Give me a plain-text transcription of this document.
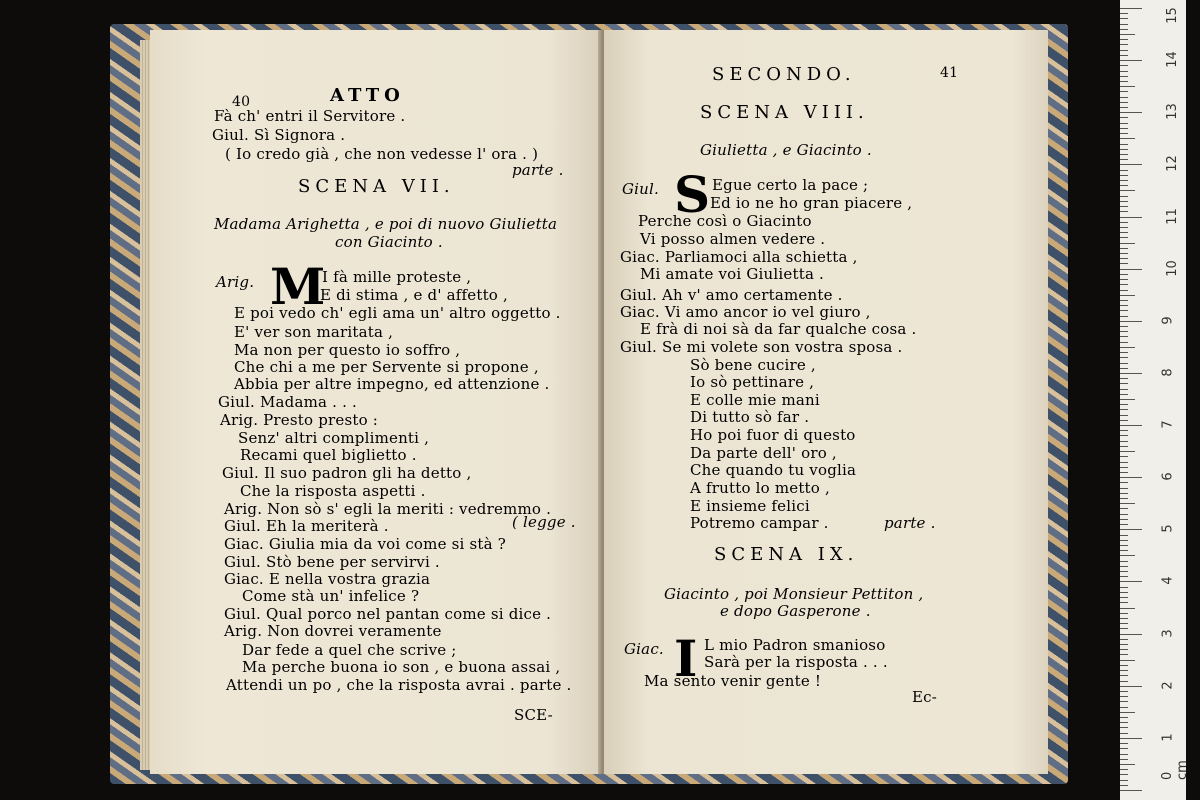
40	ATTO
Fà ch' entri il Servitore .
Giul. Sì Signora .
( Io credo già , che non vedesse l' ora . )
parte .
SCENA VII.
Madama Arighetta , e poi di nuovo Giulietta
con Giacinto .
Arig. M
I fà mille proteste ,
E di stima , e d' affetto ,
E poi vedo ch' egli ama un' altro oggetto .
E' ver son maritata ,
Ma non per questo io soffro ,
Che chi a me per Servente si propone ,
Abbia per altre impegno, ed attenzione .
Giul. Madama . . .
Arig. Presto presto :
Senz' altri complimenti ,
Recami quel biglietto .
Giul. Il suo padron gli ha detto ,
Che la risposta aspetti .
Arig. Non sò s' egli la meriti : vedremmo .
Giul. Eh la meriterà .	( legge .
Giac. Giulia mia da voi come si stà ?
Giul. Stò bene per servirvi .
Giac. E nella vostra grazia
Come stà un' infelice ?
Giul. Qual porco nel pantan come si dice .
Arig. Non dovrei veramente
Dar fede a quel che scrive ;
Ma perche buona io son , e buona assai ,
Attendi un po , che la risposta avrai . parte .
SCE-
SECONDO.	41
SCENA VIII.
Giulietta , e Giacinto .
Giul. S Egue certo la pace ;
Ed io ne ho gran piacere ,
Perche così o Giacinto
Vi posso almen vedere .
Giac. Parliamoci alla schietta ,
Mi amate voi Giulietta .
Giul. Ah v' amo certamente .
Giac. Vi amo ancor io vel giuro ,
E frà di noi sà da far qualche cosa .
Giul. Se mi volete son vostra sposa .
Sò bene cucire ,
Io sò pettinare ,
E colle mie mani
Di tutto sò far .
Ho poi fuor di questo
Da parte dell' oro ,
Che quando tu voglia
A frutto lo metto ,
E insieme felici
Potremo campar .	parte .
SCENA IX.
Giacinto , poi Monsieur Pettiton ,
e dopo Gasperone .
Giac. I L mio Padron smanioso
Sarà per la risposta . . .
Ma sento venir gente !
Ec-
15
14
13
12
11
10
9
8
7
6
5
4
3
2
1
0 cm
